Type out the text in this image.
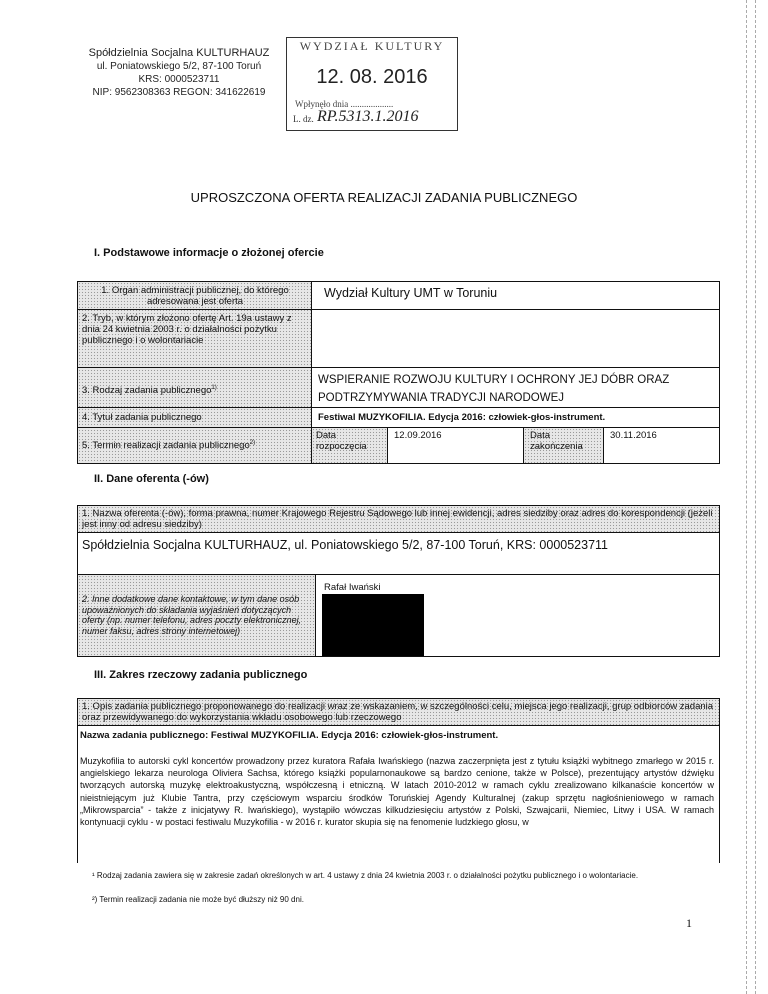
Spółdzielnia Socjalna KULTURHAUZ
ul. Poniatowskiego 5/2, 87-100 Toruń
KRS: 0000523711
NIP: 9562308363 REGON: 341622619
WYDZIAŁ KULTURY
12. 08. 2016
Wpłynęło dnia ...................
L. dz. RP.5313.1.2016
UPROSZCZONA OFERTA REALIZACJI ZADANIA PUBLICZNEGO
I. Podstawowe informacje o złożonej ofercie
1. Organ administracji publicznej, do którego adresowana jest oferta
Wydział Kultury UMT w Toruniu
2. Tryb, w którym złożono ofertę Art. 19a ustawy z dnia 24 kwietnia 2003 r. o działalności pożytku publicznego i o wolontariacie
3. Rodzaj zadania publicznego$^{1)}$
WSPIERANIE ROZWOJU KULTURY I OCHRONY JEJ DÓBR ORAZ PODTRZYMYWANIA TRADYCJI NARODOWEJ
4. Tytuł zadania publicznego	Festiwal MUZYKOFILIA. Edycja 2016: człowiek-głos-instrument.
5. Termin realizacji zadania publicznego$^{2)}$
Data rozpoczęcia
12.09.2016	Data zakończenia
30.11.2016
II. Dane oferenta (-ów)
1. Nazwa oferenta (-ów), forma prawna, numer Krajowego Rejestru Sądowego lub innej ewidencji, adres siedziby oraz adres do korespondencji (jeżeli jest inny od adresu siedziby)
Spółdzielnia Socjalna KULTURHAUZ, ul. Poniatowskiego 5/2, 87-100 Toruń, KRS: 0000523711
2. Inne dodatkowe dane kontaktowe, w tym dane osób upoważnionych do składania wyjaśnień dotyczących oferty (np. numer telefonu, adres poczty elektronicznej, numer faksu, adres strony internetowej)
Rafał Iwański
III. Zakres rzeczowy zadania publicznego
1. Opis zadania publicznego proponowanego do realizacji wraz ze wskazaniem, w szczególności celu, miejsca jego realizacji, grup odbiorców zadania oraz przewidywanego do wykorzystania wkładu osobowego lub rzeczowego
Nazwa zadania publicznego: Festiwal MUZYKOFILIA. Edycja 2016: człowiek-głos-instrument.
Muzykofilia to autorski cykl koncertów prowadzony przez kuratora Rafała Iwańskiego (nazwa zaczerpnięta jest z tytułu książki wybitnego zmarłego w 2015 r. angielskiego lekarza neurologa Oliviera Sachsa, którego książki popularnonaukowe są bardzo cenione, także w Polsce), prezentujący artystów dźwięku tworzących autorską muzykę elektroakustyczną, współczesną i etniczną. W latach 2010-2012 w ramach cyklu zrealizowano kilkanaście koncertów w nieistniejącym już Klubie Tantra, przy częściowym wsparciu środków Toruńskiej Agendy Kulturalnej (zakup sprzętu nagłośnieniowego w ramach „Mikrowsparcia” - także z inicjatywy R. Iwańskiego), wystąpiło wówczas kilkudziesięciu artystów z Polski, Szwajcarii, Niemiec, Litwy i USA. W ramach kontynuacji cyklu - w postaci festiwalu Muzykofilia - w 2016 r. kurator skupia się na fenomenie ludzkiego głosu, w
¹ Rodzaj zadania zawiera się w zakresie zadań określonych w art. 4 ustawy z dnia 24 kwietnia 2003 r. o działalności pożytku publicznego i o wolontariacie.
²) Termin realizacji zadania nie może być dłuższy niż 90 dni.
1
